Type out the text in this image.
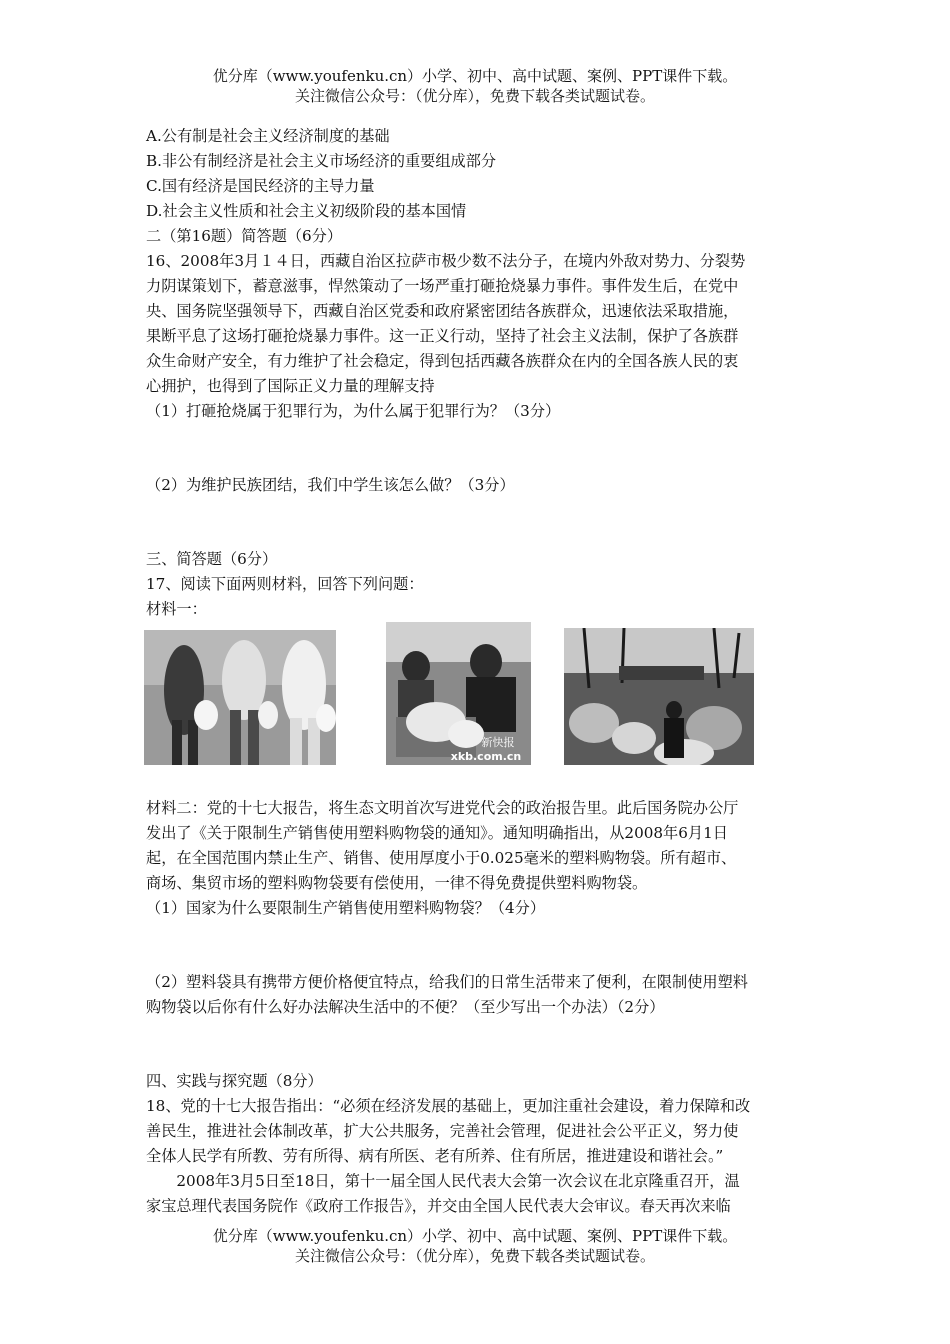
优分库（www.youfenku.cn）小学、初中、高中试题、案例、PPT课件下载。
关注微信公众号：（优分库），免费下载各类试题试卷。
A.公有制是社会主义经济制度的基础
B.非公有制经济是社会主义市场经济的重要组成部分
C.国有经济是国民经济的主导力量
D.社会主义性质和社会主义初级阶段的基本国情
二（第16题）简答题（6分）
16、2008年3月１４日，西藏自治区拉萨市极少数不法分子，在境内外敌对势力、分裂势
力阴谋策划下，蓄意滋事，悍然策动了一场严重打砸抢烧暴力事件。事件发生后，在党中
央、国务院坚强领导下，西藏自治区党委和政府紧密团结各族群众，迅速依法采取措施，
果断平息了这场打砸抢烧暴力事件。这一正义行动，坚持了社会主义法制，保护了各族群
众生命财产安全，有力维护了社会稳定，得到包括西藏各族群众在内的全国各族人民的衷
心拥护，也得到了国际正义力量的理解支持
（1）打砸抢烧属于犯罪行为，为什么属于犯罪行为？（3分）
（2）为维护民族团结，我们中学生该怎么做？（3分）
三、简答题（6分）
17、阅读下面两则材料，回答下列问题：
材料一：
新快报
xkb.com.cn
材料二：党的十七大报告，将生态文明首次写进党代会的政治报告里。此后国务院办公厅
发出了《关于限制生产销售使用塑料购物袋的通知》。通知明确指出，从2008年6月1日
起，在全国范围内禁止生产、销售、使用厚度小于0.025毫米的塑料购物袋。所有超市、
商场、集贸市场的塑料购物袋要有偿使用，一律不得免费提供塑料购物袋。
（1）国家为什么要限制生产销售使用塑料购物袋？（4分）
（2）塑料袋具有携带方便价格便宜特点，给我们的日常生活带来了便利，在限制使用塑料
购物袋以后你有什么好办法解决生活中的不便？（至少写出一个办法）（2分）
四、实践与探究题（8分）
18、党的十七大报告指出：“必须在经济发展的基础上，更加注重社会建设，着力保障和改
善民生，推进社会体制改革，扩大公共服务，完善社会管理，促进社会公平正义，努力使
全体人民学有所教、劳有所得、病有所医、老有所养、住有所居，推进建设和谐社会。”
　　2008年3月5日至18日，第十一届全国人民代表大会第一次会议在北京隆重召开，温
家宝总理代表国务院作《政府工作报告》，并交由全国人民代表大会审议。春天再次来临
优分库（www.youfenku.cn）小学、初中、高中试题、案例、PPT课件下载。
关注微信公众号：（优分库），免费下载各类试题试卷。
